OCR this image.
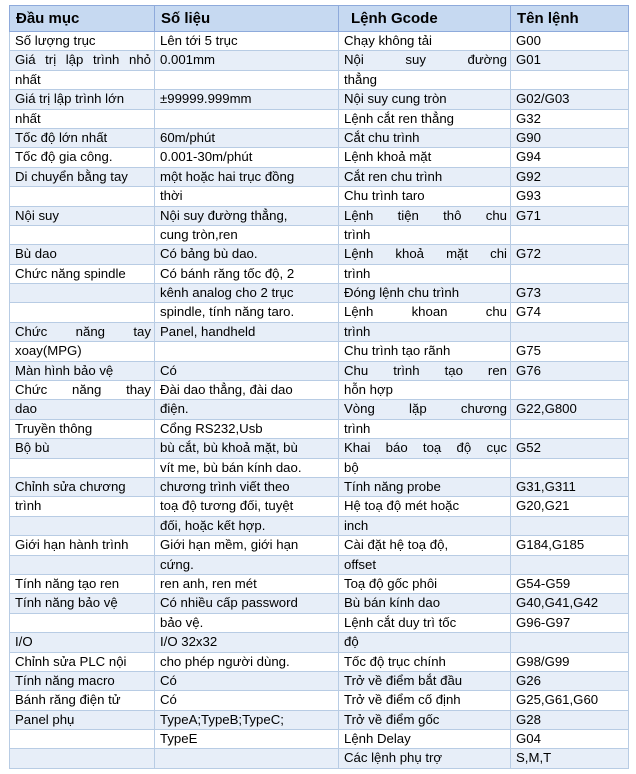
Đầu mục	Số liệu	Lệnh Gcode	Tên lệnh
Số lượng trục	Lên tới 5 trục	Chạy không tải	G00
Giá trị lập trình nhỏ	0.001mm	Nội suy đường	G01
nhất		thẳng	
Giá trị lập trình lớn	±99999.999mm	Nội suy cung tròn	G02/G03
nhất		Lệnh cắt ren thẳng	G32
Tốc độ lớn nhất	60m/phút	Cắt chu trình	G90
Tốc độ gia công.	0.001-30m/phút	Lệnh khoả mặt	G94
Di chuyển bằng tay	một hoặc hai trục đồng	Cắt ren chu trình	G92
	thời	Chu trình taro	G93
Nội suy	Nội suy đường thẳng,	Lệnh tiện thô chu	G71
	cung tròn,ren	trình	
Bù dao	Có bảng bù dao.	Lệnh khoả mặt chi	G72
Chức năng spindle	Có bánh răng tốc độ, 2	trình	
	kênh analog cho 2 trục	Đóng lệnh chu trình	G73
	spindle, tính năng taro.	Lệnh khoan chu	G74
Chức năng tay	Panel, handheld	trình	
xoay(MPG)		Chu trình tạo rãnh	G75
Màn hình bảo vệ	Có	Chu trình tạo ren	G76
Chức năng thay	Đài dao thẳng, đài dao	hỗn hợp	
dao	điện.	Vòng lặp chương	G22,G800
Truyền thông	Cổng RS232,Usb	trình	
Bộ bù	bù cắt, bù khoả mặt, bù	Khai báo toạ độ cục	G52
	vít me, bù bán kính dao.	bộ	
Chỉnh sửa chương	chương trình viết theo	Tính năng probe	G31,G311
trình	toạ độ tương đối, tuyệt	Hệ toạ độ mét hoặc	G20,G21
	đối, hoặc kết hợp.	inch	
Giới hạn hành trình	Giới hạn mềm, giới hạn	Cài đặt hệ toạ độ,	G184,G185
	cứng.	offset	
Tính năng tạo ren	ren anh, ren mét	Toạ độ gốc phôi	G54-G59
Tính năng bảo vệ	Có nhiều cấp password	Bù bán kính dao	G40,G41,G42
	bảo vệ.	Lệnh cắt duy trì tốc	G96-G97
I/O	I/O 32x32	độ	
Chỉnh sửa PLC nội	cho phép người dùng.	Tốc độ trục chính	G98/G99
Tính năng macro	Có	Trở về điểm bắt đầu	G26
Bánh răng điện tử	Có	Trở về điểm cố định	G25,G61,G60
Panel phụ	TypeA;TypeB;TypeC;	Trở về điểm gốc	G28
	TypeE	Lệnh Delay	G04
		Các lệnh phụ trợ	S,M,T
